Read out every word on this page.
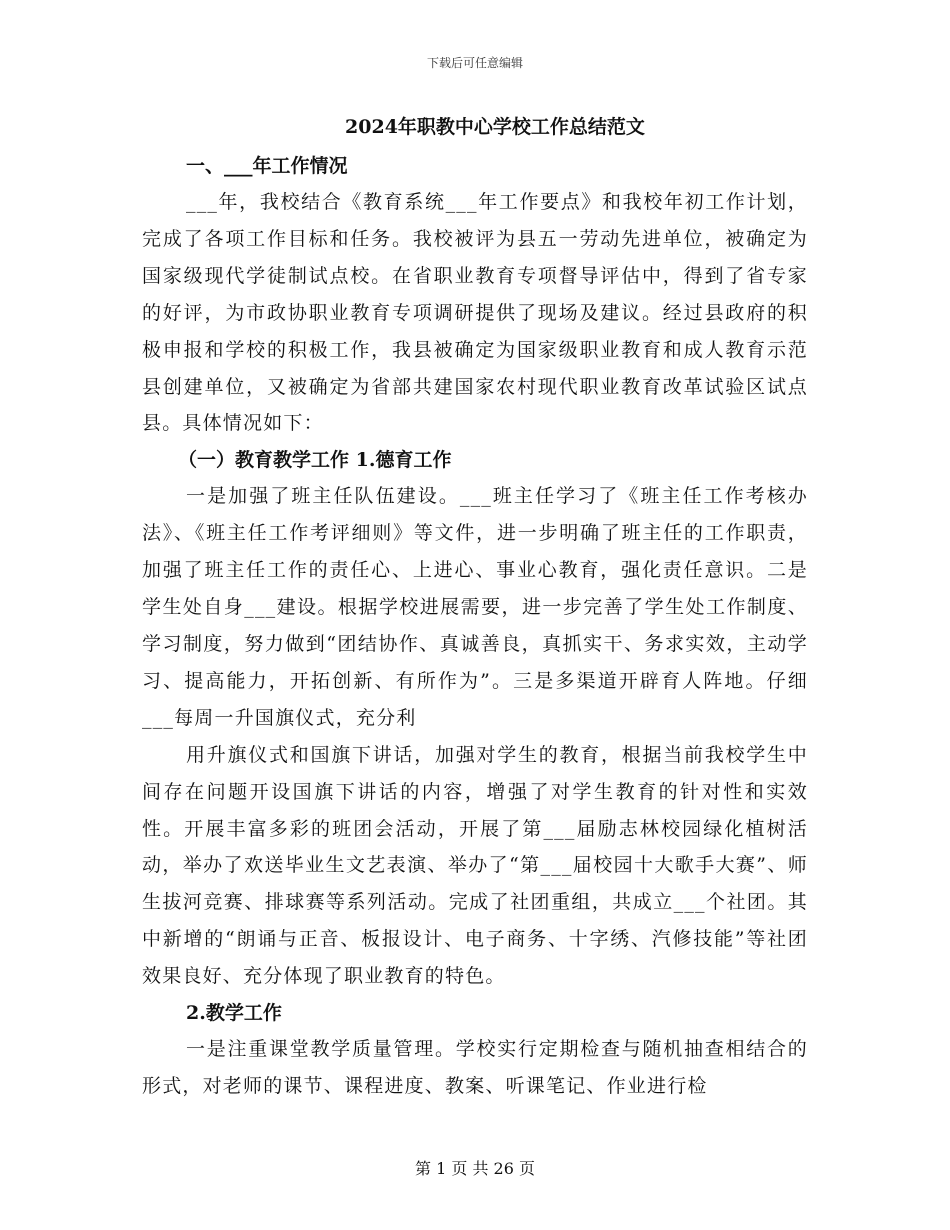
下载后可任意编辑
2024年职教中心学校工作总结范文
一、___年工作情况

___年，我校结合《教育系统___年工作要点》和我校年初工作计划，完成了各项工作目标和任务。我校被评为县五一劳动先进单位，被确定为国家级现代学徒制试点校。在省职业教育专项督导评估中，得到了省专家的好评，为市政协职业教育专项调研提供了现场及建议。经过县政府的积极申报和学校的积极工作，我县被确定为国家级职业教育和成人教育示范县创建单位，又被确定为省部共建国家农村现代职业教育改革试验区试点县。具体情况如下：

（一）教育教学工作 1.德育工作

一是加强了班主任队伍建设。___班主任学习了《班主任工作考核办法》、《班主任工作考评细则》等文件，进一步明确了班主任的工作职责，加强了班主任工作的责任心、上进心、事业心教育，强化责任意识。二是学生处自身___建设。根据学校进展需要，进一步完善了学生处工作制度、学习制度，努力做到“团结协作、真诚善良，真抓实干、务求实效，主动学习、提高能力，开拓创新、有所作为”。三是多渠道开辟育人阵地。仔细___每周一升国旗仪式，充分利

用升旗仪式和国旗下讲话，加强对学生的教育，根据当前我校学生中间存在问题开设国旗下讲话的内容，增强了对学生教育的针对性和实效性。开展丰富多彩的班团会活动，开展了第___届励志林校园绿化植树活动，举办了欢送毕业生文艺表演、举办了“第___届校园十大歌手大赛”、师生拔河竞赛、排球赛等系列活动。完成了社团重组，共成立___个社团。其中新增的“朗诵与正音、板报设计、电子商务、十字绣、汽修技能”等社团效果良好、充分体现了职业教育的特色。

2.教学工作

一是注重课堂教学质量管理。学校实行定期检查与随机抽查相结合的形式，对老师的课节、课程进度、教案、听课笔记、作业进行检

第 1 页 共 26 页
